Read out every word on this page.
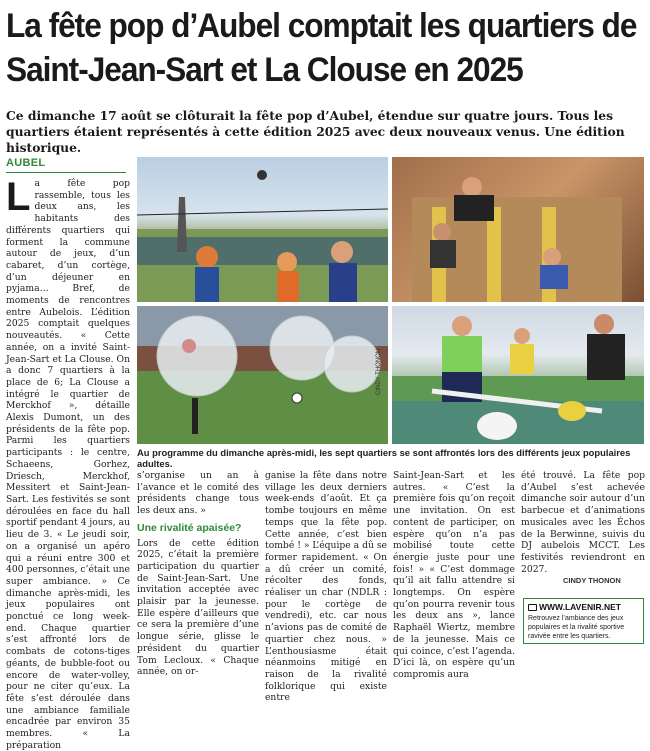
La fête pop d’Aubel comptait les quartiers de Saint-Jean-Sart et La Clouse en 2025
Ce dimanche 17 août se clôturait la fête pop d’Aubel, étendue sur quatre jours. Tous les quartiers étaient représentés à cette édition 2025 avec deux nouveaux venus. Une édition historique.
AUBEL
L a fête pop rassemble, tous les deux ans, les habitants des différents quartiers qui forment la commune autour de jeux, d’un cabaret, d’un cortège, d’un déjeuner en pyjama… Bref, de moments de rencontres entre Aubelois. L’édition 2025 comptait quelques nouveautés. « Cette année, on a invité Saint-Jean-Sart et La Clouse. On a donc 7 quartiers à la place de 6; La Clouse a intégré le quartier de Merckhof », détaille Alexis Dumont, un des présidents de la fête pop. Parmi les quartiers participants : le centre, Schaeens, Gorhez, Driesch, Merckhof, Messitert et Saint-Jean-Sart. Les festivités se sont déroulées en face du hall sportif pendant 4 jours, au lieu de 3. « Le jeudi soir, on a organisé un apéro qui a réuni entre 300 et 400 personnes, c’était une super ambiance. » Ce dimanche après-midi, les jeux populaires ont ponctué ce long week-end. Chaque quartier s’est affronté lors de combats de cotons-tiges géants, de bubble-foot ou encore de water-volley, pour ne citer qu’eux. La fête s’est déroulée dans une ambiance familiale encadrée par environ 35 membres. « La préparation
CINDY THONON
Au programme du dimanche après-midi, les sept quartiers se sont affrontés lors des différents jeux populaires adultes.

s’organise un an à l’avance et le comité des présidents change tous les deux ans. »

Une rivalité apaisée?

Lors de cette édition 2025, c’était la première participation du quartier de Saint-Jean-Sart. Une invitation acceptée avec plaisir par la jeunesse. Elle espère d’ailleurs que ce sera la première d’une longue série, glisse le président du quartier Tom Lecloux. « Chaque année, on or-

ganise la fête dans notre village les deux derniers week-ends d’août. Et ça tombe toujours en même temps que la fête pop. Cette année, c’est bien tombé ! » L’équipe a dû se former rapidement. « On a dû créer un comité, récolter des fonds, réaliser un char (NDLR : pour le cortège de vendredi), etc. car nous n’avions pas de comité de quartier chez nous. » L’enthousiasme était néanmoins mitigé en raison de la rivalité folklorique qui existe entre

Saint-Jean-Sart et les autres. « C’est la première fois qu’on reçoit une invitation. On est content de participer, on espère qu’on n’a pas mobilisé toute cette énergie juste pour une fois! » « C’est dommage qu’il ait fallu attendre si longtemps. On espère qu’on pourra revenir tous les deux ans », lance Raphaël Wiertz, membre de la jeunesse. Mais ce qui coince, c’est l’agenda. D’ici là, on espère qu’un compromis aura

été trouvé. La fête pop d’Aubel s’est achevée dimanche soir autour d’un barbecue et d’animations musicales avec les Échos de la Berwinne, suivis du DJ aubelois MCCT. Les festivités reviendront en 2027.

CINDY THONON
WWW.LAVENIR.NET
Retrouvez l’ambiance des jeux populaires et la rivalité sportive ravivée entre les quartiers.
